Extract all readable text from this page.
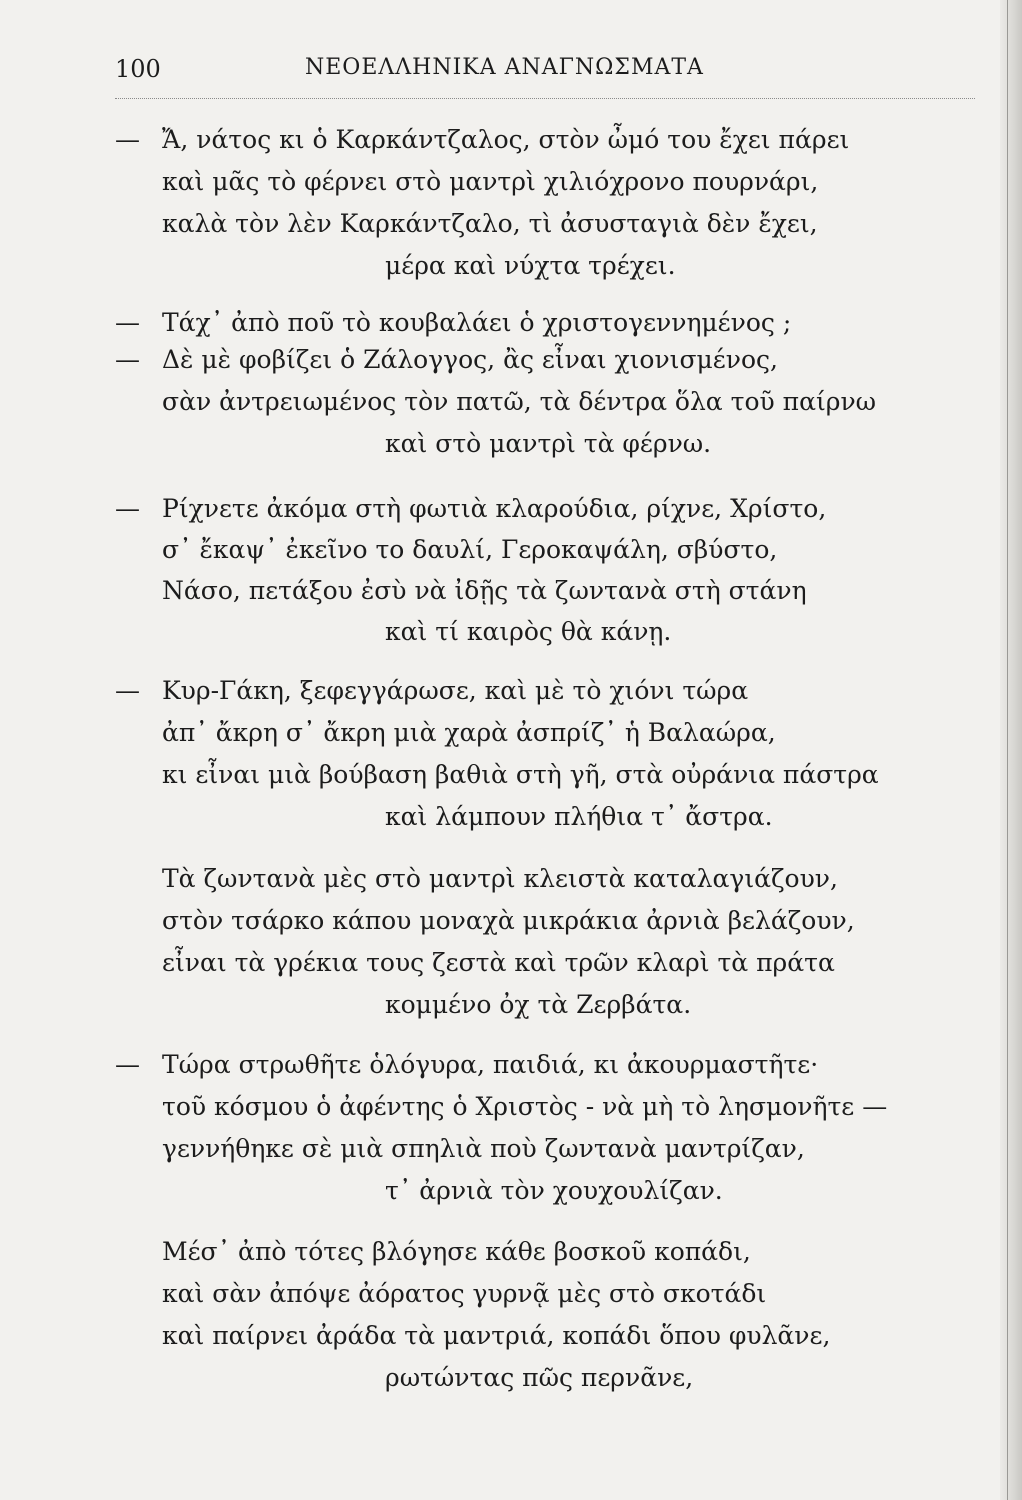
100	ΝΕΟΕΛΛΗΝΙΚΑ ΑΝΑΓΝΩΣΜΑΤΑ
— Ἄ, νάτος κι ὁ Καρκάντζαλος, στὸν ὦμό του ἔχει πάρει
καὶ μᾶς τὸ φέρνει στὸ μαντρὶ χιλιόχρονο πουρνάρι,
καλὰ τὸν λὲν Καρκάντζαλο, τὶ ἀσυσταγιὰ δὲν ἔχει,
μέρα καὶ νύχτα τρέχει.
— Τάχ᾽ ἀπὸ ποῦ τὸ κουβαλάει ὁ χριστογεννημένος ;
— Δὲ μὲ φοβίζει ὁ Ζάλογγος, ἂς εἶναι χιονισμένος,
σὰν ἀντρειωμένος τὸν πατῶ, τὰ δέντρα ὅλα τοῦ παίρνω
καὶ στὸ μαντρὶ τὰ φέρνω.
— Ρίχνετε ἀκόμα στὴ φωτιὰ κλαρούδια, ρίχνε, Χρίστο,
σ᾽ ἔκαψ᾽ ἐκεῖνο το δαυλί, Γεροκαψάλη, σβύστο,
Νάσο, πετάξου ἐσὺ νὰ ἰδῇς τὰ ζωντανὰ στὴ στάνη
καὶ τί καιρὸς θὰ κάνῃ.
— Κυρ-Γάκη, ξεφεγγάρωσε, καὶ μὲ τὸ χιόνι τώρα
ἀπ᾽ ἄκρη σ᾽ ἄκρη μιὰ χαρὰ ἀσπρίζ᾽ ἡ Βαλαώρα,
κι εἶναι μιὰ βούβαση βαθιὰ στὴ γῆ, στὰ οὐράνια πάστρα
καὶ λάμπουν πλήθια τ᾽ ἄστρα.
Τὰ ζωντανὰ μὲς στὸ μαντρὶ κλειστὰ καταλαγιάζουν,
στὸν τσάρκο κάπου μοναχὰ μικράκια ἀρνιὰ βελάζουν,
εἶναι τὰ γρέκια τους ζεστὰ καὶ τρῶν κλαρὶ τὰ πράτα
κομμένο ὀχ τὰ Ζερβάτα.
— Τώρα στρωθῆτε ὁλόγυρα, παιδιά, κι ἀκουρμαστῆτε·
τοῦ κόσμου ὁ ἀφέντης ὁ Χριστὸς - νὰ μὴ τὸ λησμονῆτε —
γεννήθηκε σὲ μιὰ σπηλιὰ ποὺ ζωντανὰ μαντρίζαν,
τ᾽ ἀρνιὰ τὸν χουχουλίζαν.
Μέσ᾽ ἀπὸ τότες βλόγησε κάθε βοσκοῦ κοπάδι,
καὶ σὰν ἀπόψε ἀόρατος γυρνᾷ μὲς στὸ σκοτάδι
καὶ παίρνει ἀράδα τὰ μαντριά, κοπάδι ὅπου φυλᾶνε,
ρωτώντας πῶς περνᾶνε,
